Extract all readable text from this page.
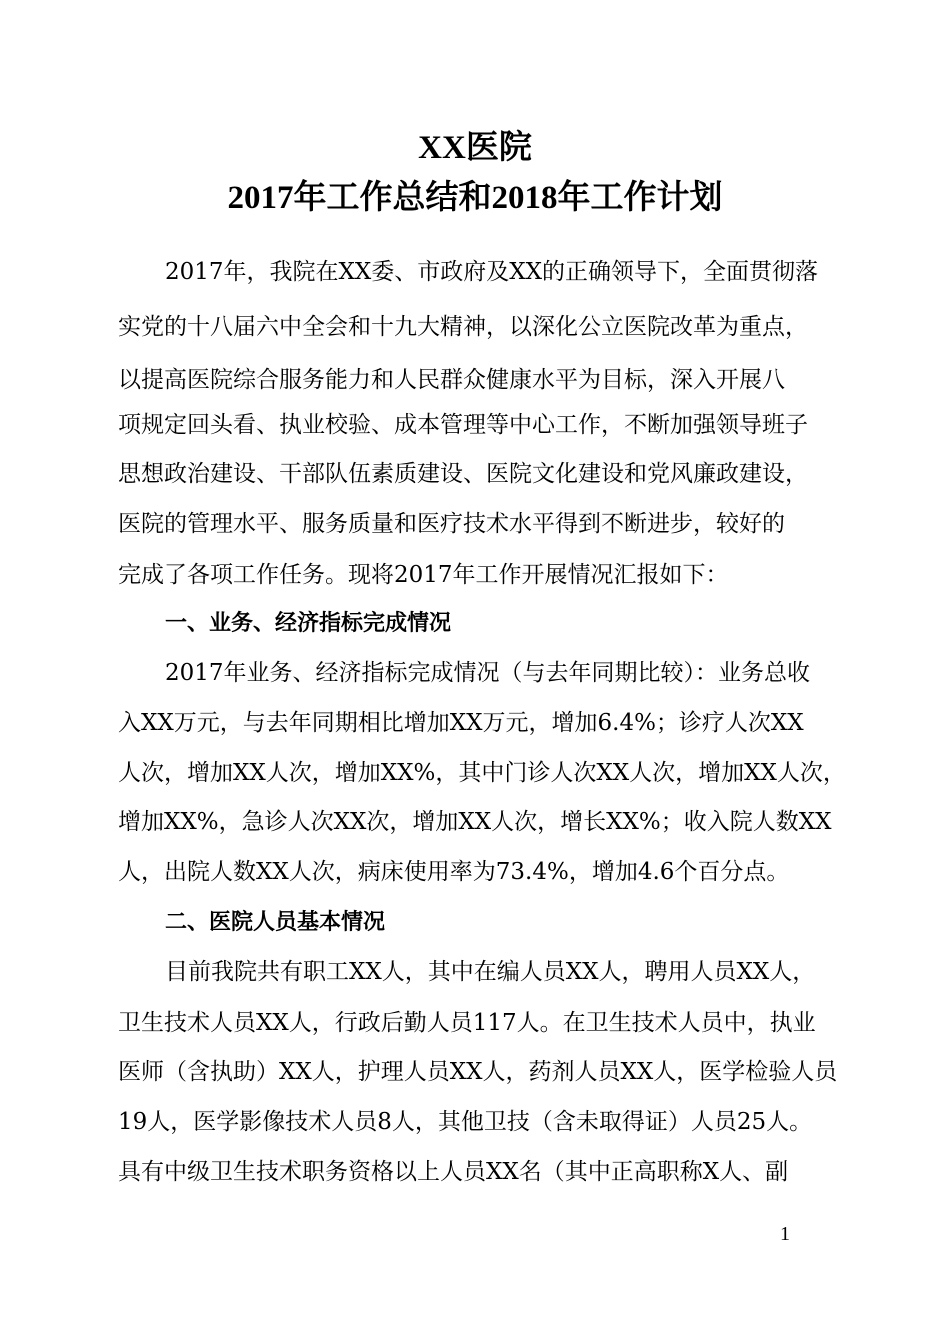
XX医院
2017年工作总结和2018年工作计划
2017年，我院在XX委、市政府及XX的正确领导下，全面贯彻落
实党的十八届六中全会和十九大精神，以深化公立医院改革为重点，
以提高医院综合服务能力和人民群众健康水平为目标，深入开展八
项规定回头看、执业校验、成本管理等中心工作，不断加强领导班子
思想政治建设、干部队伍素质建设、医院文化建设和党风廉政建设，
医院的管理水平、服务质量和医疗技术水平得到不断进步，较好的
完成了各项工作任务。现将2017年工作开展情况汇报如下：
一、业务、经济指标完成情况
2017年业务、经济指标完成情况（与去年同期比较）：业务总收
入XX万元，与去年同期相比增加XX万元，增加6.4%；诊疗人次XX
人次，增加XX人次，增加XX%，其中门诊人次XX人次，增加XX人次，
增加XX%，急诊人次XX次，增加XX人次，增长XX%；收入院人数XX
人，出院人数XX人次，病床使用率为73.4%，增加4.6个百分点。
二、医院人员基本情况
目前我院共有职工XX人，其中在编人员XX人，聘用人员XX人，
卫生技术人员XX人，行政后勤人员117人。在卫生技术人员中，执业
医师（含执助）XX人，护理人员XX人，药剂人员XX人，医学检验人员
19人，医学影像技术人员8人，其他卫技（含未取得证）人员25人。
具有中级卫生技术职务资格以上人员XX名（其中正高职称X人、副
1
